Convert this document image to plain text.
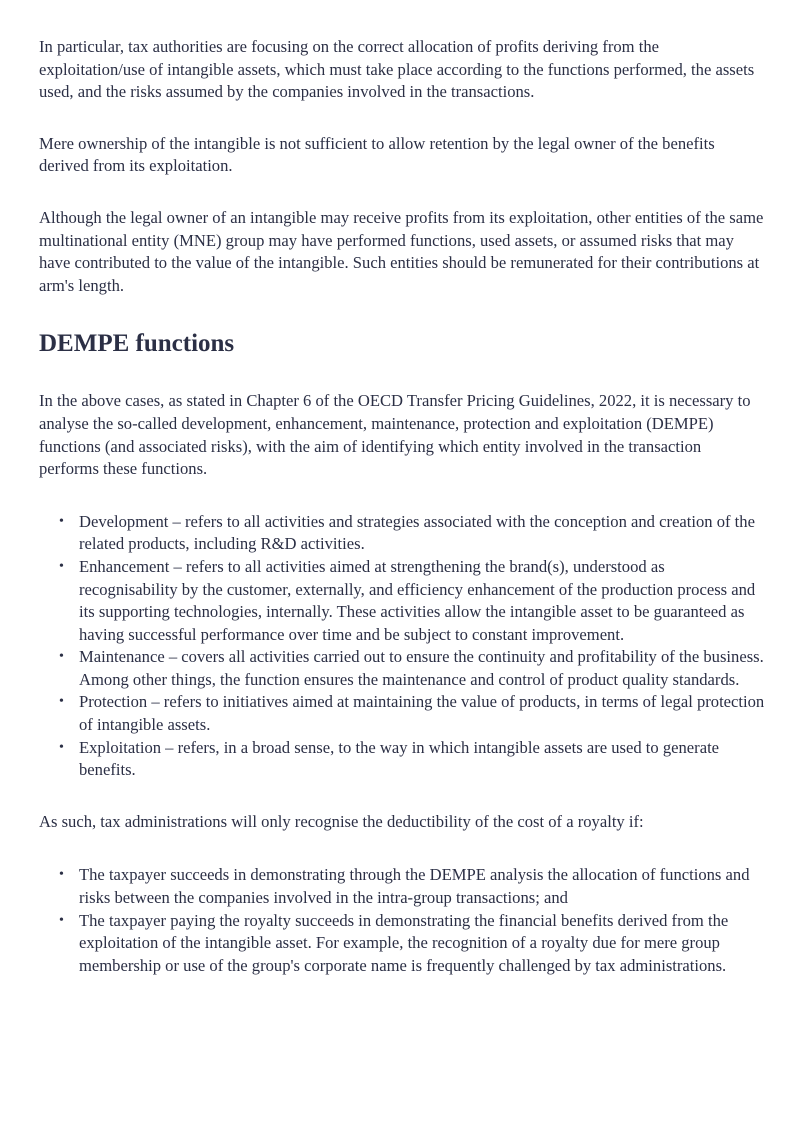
In particular, tax authorities are focusing on the correct allocation of profits deriving from the exploitation/use of intangible assets, which must take place according to the functions performed, the assets used, and the risks assumed by the companies involved in the transactions.

Mere ownership of the intangible is not sufficient to allow retention by the legal owner of the benefits derived from its exploitation.

Although the legal owner of an intangible may receive profits from its exploitation, other entities of the same multinational entity (MNE) group may have performed functions, used assets, or assumed risks that may have contributed to the value of the intangible. Such entities should be remunerated for their contributions at arm's length.

DEMPE functions

In the above cases, as stated in Chapter 6 of the OECD Transfer Pricing Guidelines, 2022, it is necessary to analyse the so-called development, enhancement, maintenance, protection and exploitation (DEMPE) functions (and associated risks), with the aim of identifying which entity involved in the transaction performs these functions.

• Development – refers to all activities and strategies associated with the conception and creation of the related products, including R&D activities.
• Enhancement – refers to all activities aimed at strengthening the brand(s), understood as recognisability by the customer, externally, and efficiency enhancement of the production process and its supporting technologies, internally. These activities allow the intangible asset to be guaranteed as having successful performance over time and be subject to constant improvement.
• Maintenance – covers all activities carried out to ensure the continuity and profitability of the business. Among other things, the function ensures the maintenance and control of product quality standards.
• Protection – refers to initiatives aimed at maintaining the value of products, in terms of legal protection of intangible assets.
• Exploitation – refers, in a broad sense, to the way in which intangible assets are used to generate benefits.

As such, tax administrations will only recognise the deductibility of the cost of a royalty if:

• The taxpayer succeeds in demonstrating through the DEMPE analysis the allocation of functions and risks between the companies involved in the intra-group transactions; and
• The taxpayer paying the royalty succeeds in demonstrating the financial benefits derived from the exploitation of the intangible asset. For example, the recognition of a royalty due for mere group membership or use of the group's corporate name is frequently challenged by tax administrations.
